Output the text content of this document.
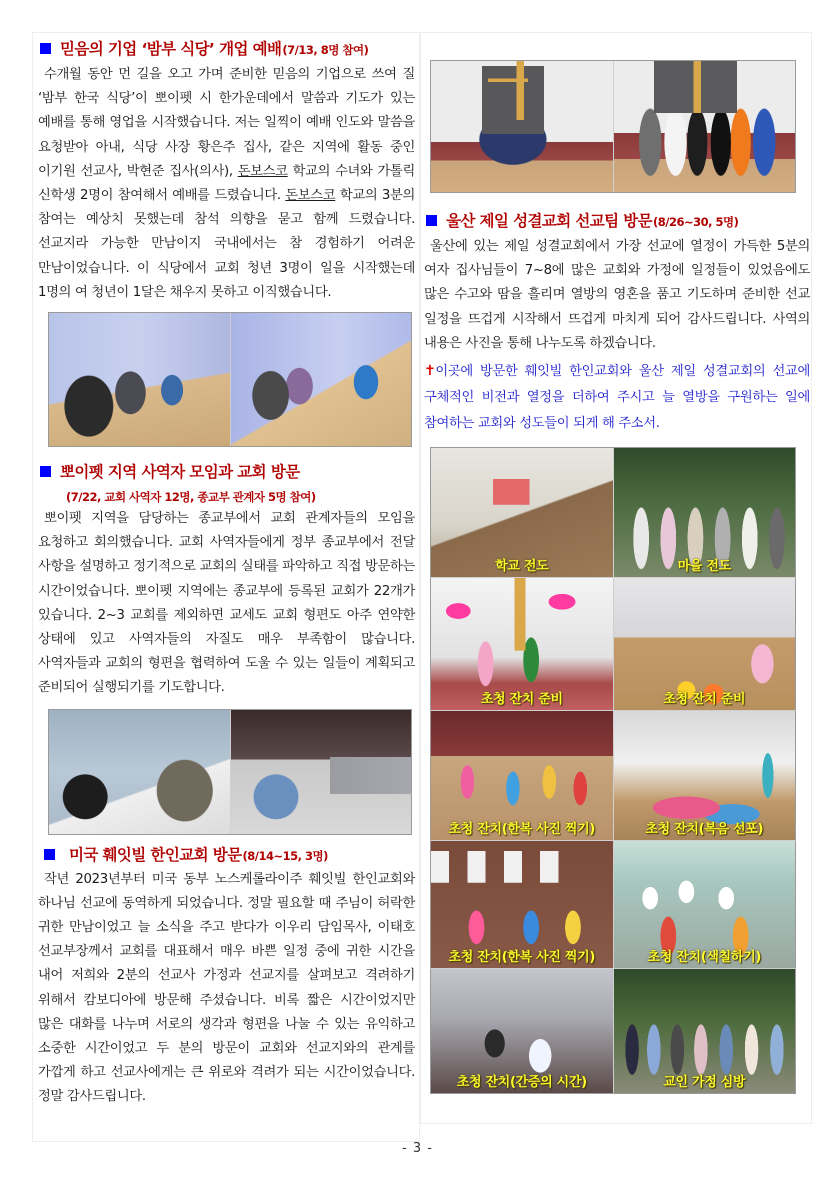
믿음의 기업 ‘밤부 식당’ 개업 예배 (7/13, 8명 참여)

수개월 동안 먼 길을 오고 가며 준비한 믿음의 기업으로 쓰여 질 ‘밤부 한국 식당’이 뽀이펫 시 한가운데에서 말씀과 기도가 있는 예배를 통해 영업을 시작했습니다. 저는 일찍이 예배 인도와 말씀을 요청받아 아내, 식당 사장 황은주 집사, 같은 지역에 활동 중인 이기원 선교사, 박현준 집사(의사), 돈보스코 학교의 수녀와 가톨릭 신학생 2명이 참여해서 예배를 드렸습니다. 돈보스코 학교의 3분의 참여는 예상치 못했는데 참석 의향을 묻고 함께 드렸습니다. 선교지라 가능한 만남이지 국내에서는 참 경험하기 어려운 만남이었습니다. 이 식당에서 교회 청년 3명이 일을 시작했는데 1명의 여 청년이 1달은 채우지 못하고 이직했습니다.

뽀이펫 지역 사역자 모임과 교회 방문
(7/22, 교회 사역자 12명, 종교부 관계자 5명 참여)

뽀이펫 지역을 담당하는 종교부에서 교회 관계자들의 모임을 요청하고 회의했습니다. 교회 사역자들에게 정부 종교부에서 전달 사항을 설명하고 정기적으로 교회의 실태를 파악하고 직접 방문하는 시간이었습니다. 뽀이펫 지역에는 종교부에 등록된 교회가 22개가 있습니다. 2~3 교회를 제외하면 교세도 교회 형편도 아주 연약한 상태에 있고 사역자들의 자질도 매우 부족함이 많습니다. 사역자들과 교회의 형편을 협력하여 도울 수 있는 일들이 계획되고 준비되어 실행되기를 기도합니다.

미국 훼잇빌 한인교회 방문 (8/14~15, 3명)

작년 2023년부터 미국 동부 노스케롤라이주 훼잇빌 한인교회와 하나님 선교에 동역하게 되었습니다. 정말 필요할 때 주님이 허락한 귀한 만남이었고 늘 소식을 주고 받다가 이우리 담임목사, 이태호 선교부장께서 교회를 대표해서 매우 바쁜 일정 중에 귀한 시간을 내어 저희와 2분의 선교사 가정과 선교지를 살펴보고 격려하기 위해서 캄보디아에 방문해 주셨습니다. 비록 짧은 시간이었지만 많은 대화를 나누며 서로의 생각과 형편을 나눌 수 있는 유익하고 소중한 시간이었고 두 분의 방문이 교회와 선교지와의 관계를 가깝게 하고 선교사에게는 큰 위로와 격려가 되는 시간이었습니다. 정말 감사드립니다.

울산 제일 성결교회 선교팀 방문 (8/26~30, 5명)

울산에 있는 제일 성결교회에서 가장 선교에 열정이 가득한 5분의 여자 집사님들이 7~8에 많은 교회와 가정에 일정들이 있었음에도 많은 수고와 땀을 흘리며 열방의 영혼을 품고 기도하며 준비한 선교 일정을 뜨겁게 시작해서 뜨겁게 마치게 되어 감사드립니다. 사역의 내용은 사진을 통해 나누도록 하겠습니다.

✝이곳에 방문한 훼잇빌 한인교회와 울산 제일 성결교회의 선교에 구체적인 비전과 열정을 더하여 주시고 늘 열방을 구원하는 일에 참여하는 교회와 성도들이 되게 해 주소서.

학교 전도	마을 전도
초청 잔치 준비	초청 잔치 준비
초청 잔치(한복 사진 찍기)	초청 잔치(복음 선포)
초청 잔치(한복 사진 찍기)	초청 잔치(색칠하기)
초청 잔치(간증의 시간)	교인 가정 심방
- 3 -
